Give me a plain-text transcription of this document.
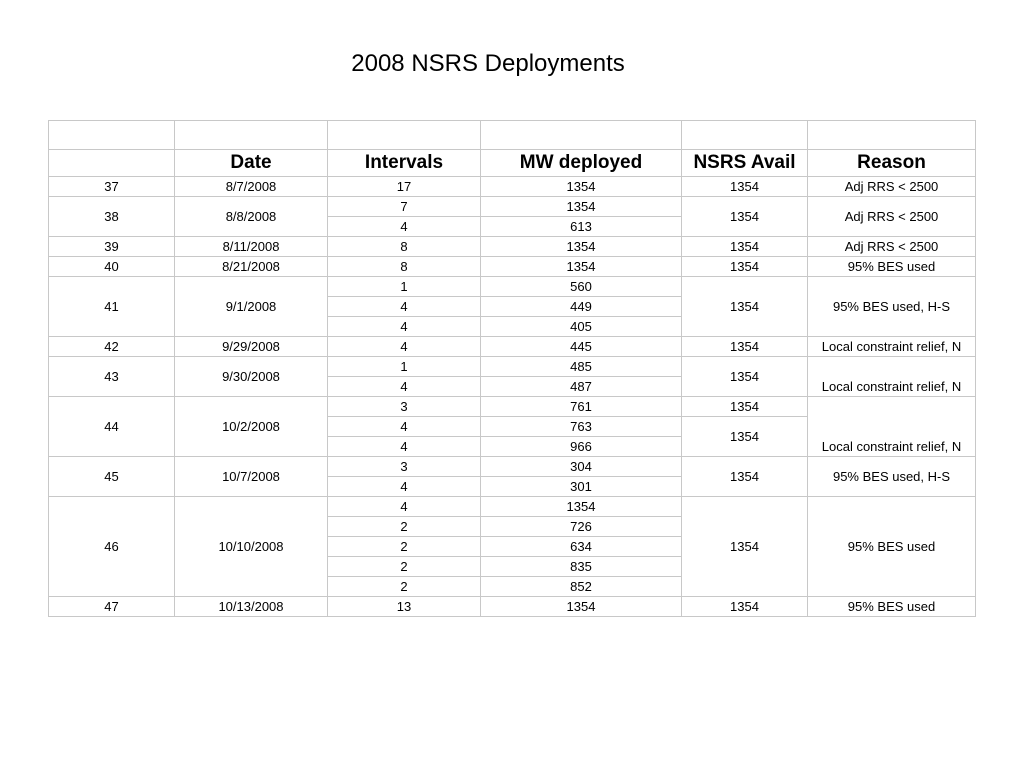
2008 NSRS Deployments

	Date	Intervals	MW deployed	NSRS Avail	Reason
37	8/7/2008	17	1354	1354	Adj RRS < 2500
38	8/8/2008	7	1354	1354	Adj RRS < 2500
		4	613		
39	8/11/2008	8	1354	1354	Adj RRS < 2500
40	8/21/2008	8	1354	1354	95% BES used
41	9/1/2008	1	560	1354	95% BES used, H-S
		4	449		
		4	405		
42	9/29/2008	4	445	1354	Local constraint relief, N
43	9/30/2008	1	485	1354	Local constraint relief, N
		4	487		
44	10/2/2008	3	761	1354	Local constraint relief, N
		4	763	1354	
		4	966		
45	10/7/2008	3	304	1354	95% BES used, H-S
		4	301		
46	10/10/2008	4	1354	1354	95% BES used
		2	726		
		2	634		
		2	835		
		2	852		
47	10/13/2008	13	1354	1354	95% BES used
